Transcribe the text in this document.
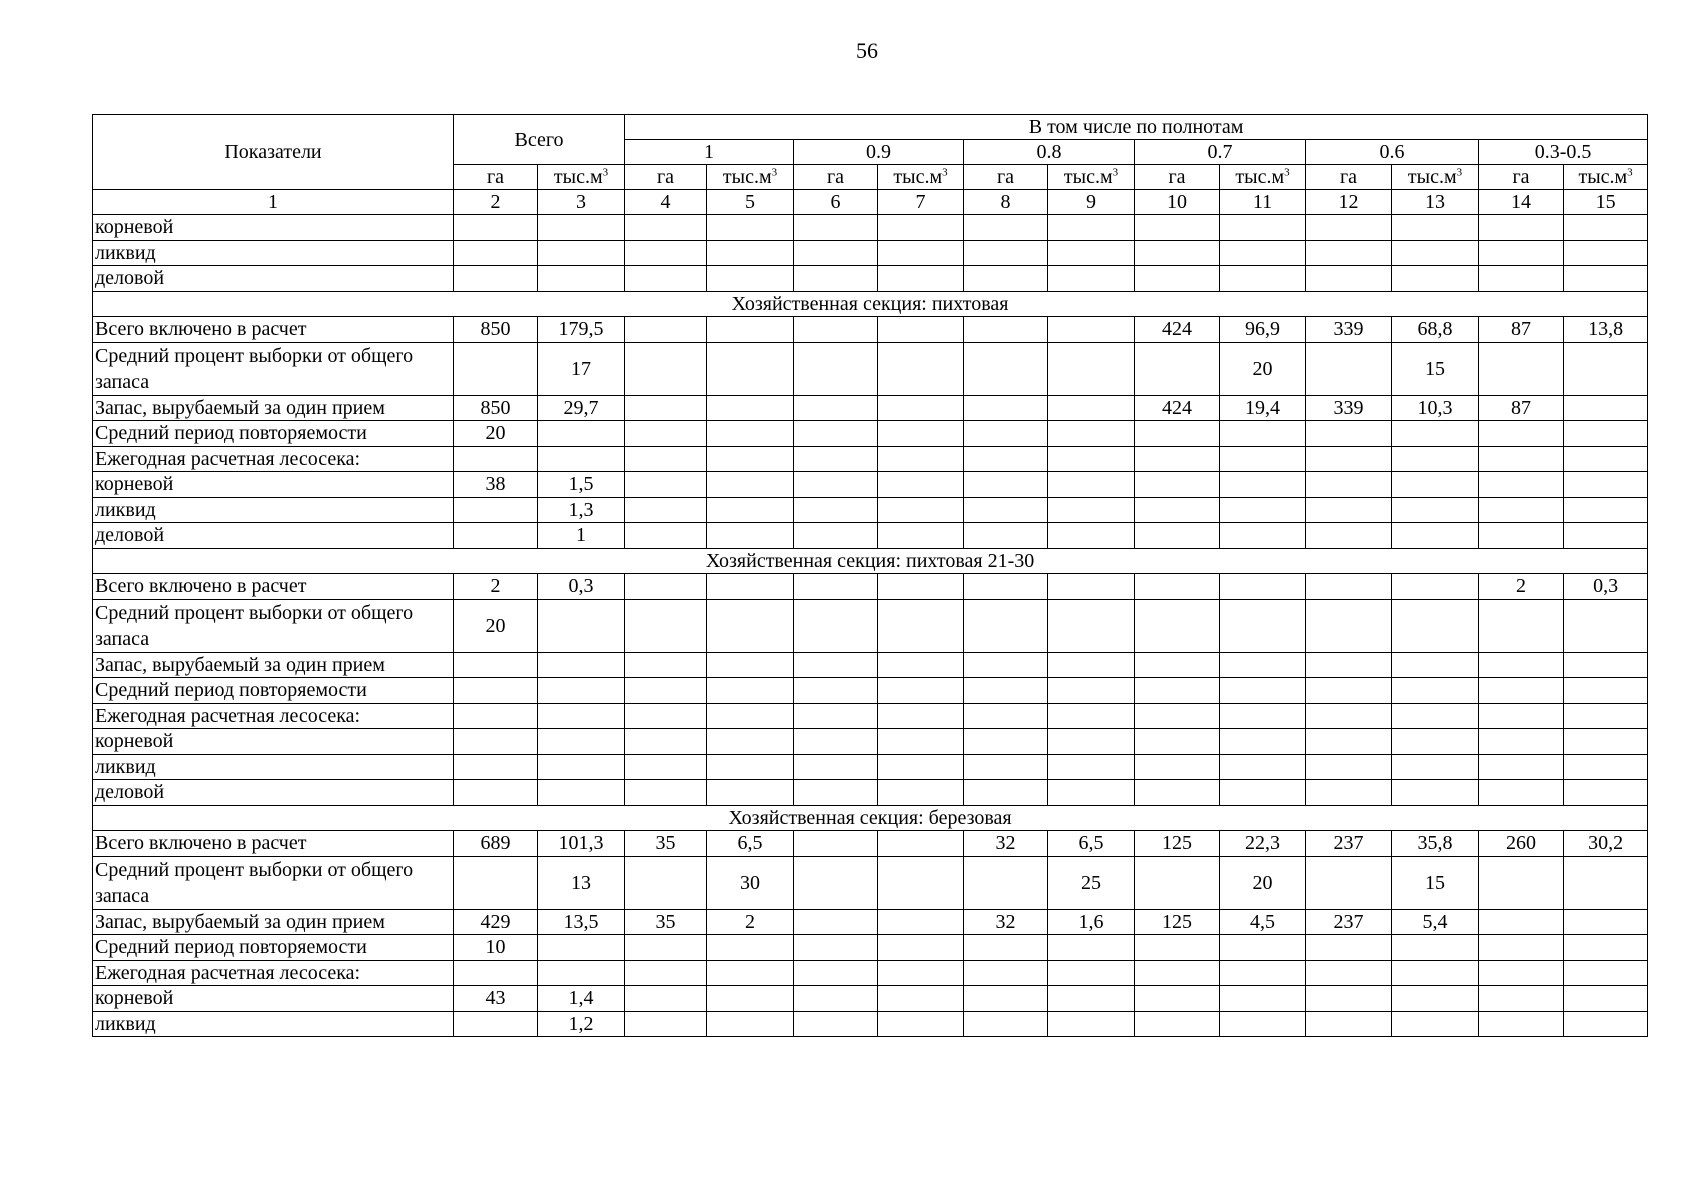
56
Показатели	Всего		В том числе по полнотам											
			1		0.9		0.8		0.7		0.6		0.3-0.5	
	га	$тыс.м^3$	га	$тыс.м^3$	га	$тыс.м^3$	га	$тыс.м^3$	га	$тыс.м^3$	га	$тыс.м^3$	га	$тыс.м^3$
1	2	3	4	5	6	7	8	9	10	11	12	13	14	15
корневой														
ликвид														
деловой														
Хозяйственная секция: пихтовая														
Всего включено в расчет	850	179,5							424	96,9	339	68,8	87	13,8
Средний процент выборки от общего запаса		17								20		15		
Запас, вырубаемый за один прием	850	29,7							424	19,4	339	10,3	87	
Средний период повторяемости	20													
Ежегодная расчетная лесосека:														
корневой	38	1,5												
ликвид		1,3												
деловой		1												
Хозяйственная секция: пихтовая 21-30														
Всего включено в расчет	2	0,3											2	0,3
Средний процент выборки от общего запаса	20													
Запас, вырубаемый за один прием														
Средний период повторяемости														
Ежегодная расчетная лесосека:														
корневой														
ликвид														
деловой														
Хозяйственная секция: березовая														
Всего включено в расчет	689	101,3	35	6,5			32	6,5	125	22,3	237	35,8	260	30,2
Средний процент выборки от общего запаса		13		30				25		20		15		
Запас, вырубаемый за один прием	429	13,5	35	2			32	1,6	125	4,5	237	5,4		
Средний период повторяемости	10													
Ежегодная расчетная лесосека:														
корневой	43	1,4												
ликвид		1,2												
